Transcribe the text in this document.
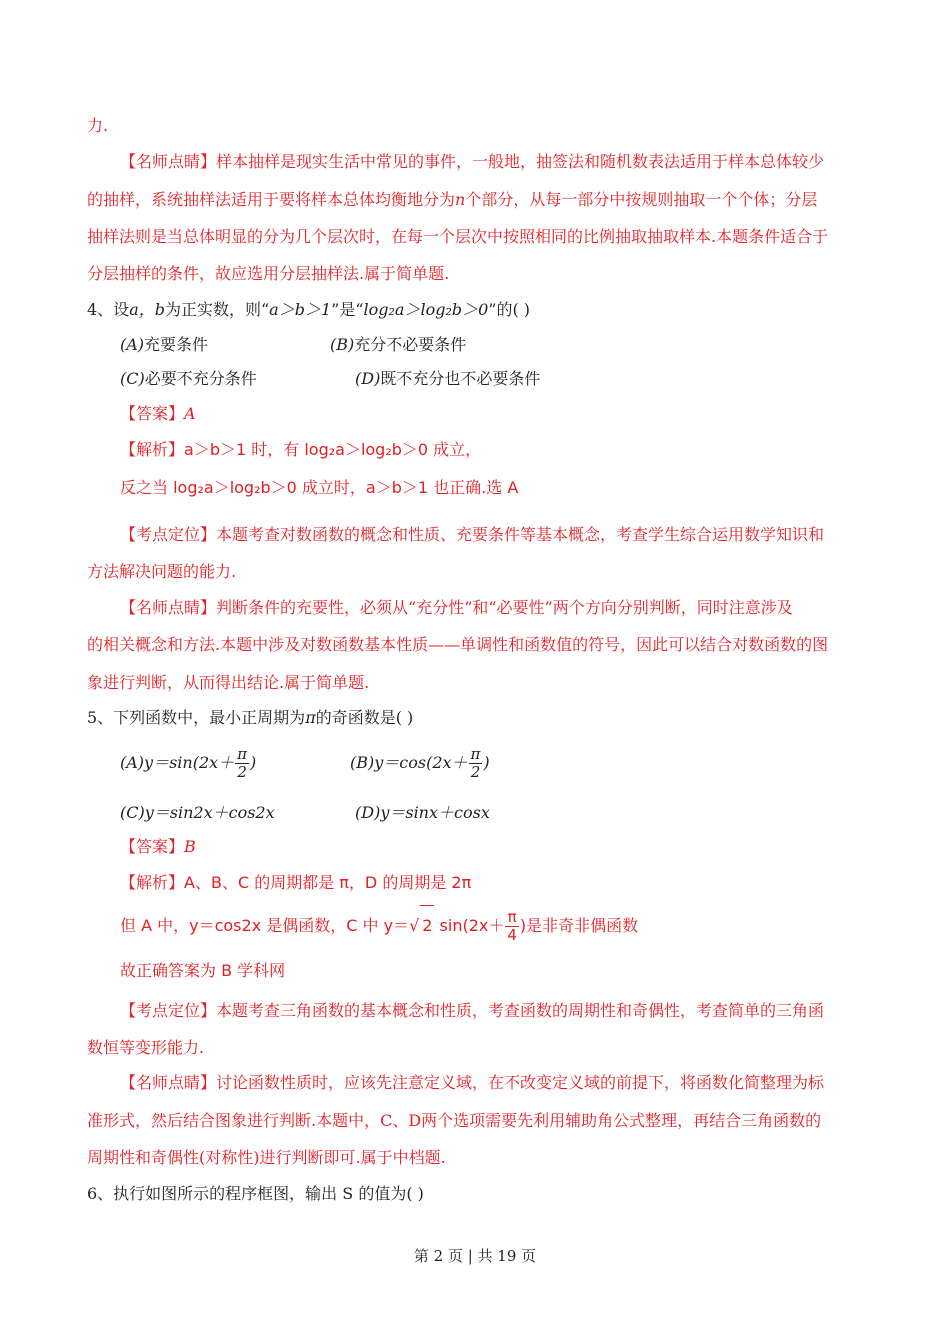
力.
【名师点睛】样本抽样是现实生活中常见的事件，一般地，抽签法和随机数表法适用于样本总体较少
的抽样，系统抽样法适用于要将样本总体均衡地分为n个部分，从每一部分中按规则抽取一个个体；分层
抽样法则是当总体明显的分为几个层次时，在每一个层次中按照相同的比例抽取抽取样本.本题条件适合于
分层抽样的条件，故应选用分层抽样法.属于简单题.
4、设a，b为正实数，则“a＞b＞1”是“log₂a＞log₂b＞0”的( )
(A)充要条件	(B)充分不必要条件
(C)必要不充分条件	(D)既不充分也不必要条件
【答案】A
【解析】a＞b＞1 时，有 log₂a＞log₂b＞0 成立，
反之当 log₂a＞log₂b＞0 成立时，a＞b＞1 也正确.选 A
【考点定位】本题考查对数函数的概念和性质、充要条件等基本概念，考查学生综合运用数学知识和
方法解决问题的能力.
【名师点睛】判断条件的充要性，必须从“充分性”和“必要性”两个方向分别判断，同时注意涉及
的相关概念和方法.本题中涉及对数函数基本性质——单调性和函数值的符号，因此可以结合对数函数的图
象进行判断，从而得出结论.属于简单题.
5、下列函数中，最小正周期为π的奇函数是( )
$(A)y=\sin(2x+ \frac{\pi}{2}$ )	$(B)y=\cos(2x+ \frac{\pi}{2}$ )
(C)y＝sin2x＋cos2x	(D)y＝sinx＋cosx
【答案】B
【解析】A、B、C 的周期都是 π，D 的周期是 2π
但 A 中，y＝cos2x 是偶函数，C 中 y＝√ 2 $\sin(2x+ \frac{\pi}{4}$ )是非奇非偶函数
故正确答案为 B 学科网
【考点定位】本题考查三角函数的基本概念和性质，考查函数的周期性和奇偶性，考查简单的三角函
数恒等变形能力.
【名师点睛】讨论函数性质时，应该先注意定义域，在不改变定义域的前提下，将函数化简整理为标
准形式，然后结合图象进行判断.本题中，C、D两个选项需要先利用辅助角公式整理，再结合三角函数的
周期性和奇偶性(对称性)进行判断即可.属于中档题.
6、执行如图所示的程序框图，输出 S 的值为( )
第 2 页 | 共 19 页
